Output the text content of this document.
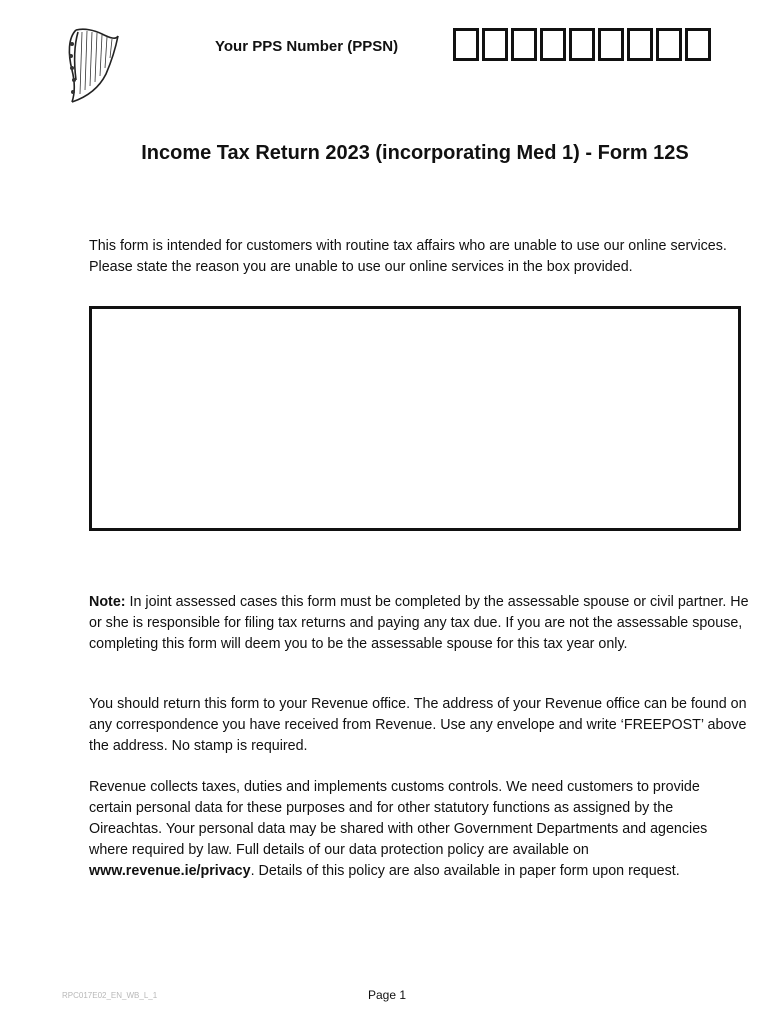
Your PPS Number (PPSN)
Income Tax Return 2023 (incorporating Med 1) - Form 12S
This form is intended for customers with routine tax affairs who are unable to use our online services. Please state the reason you are unable to use our online services in the box provided.
Note: In joint assessed cases this form must be completed by the assessable spouse or civil partner. He or she is responsible for filing tax returns and paying any tax due. If you are not the assessable spouse, completing this form will deem you to be the assessable spouse for this tax year only.
You should return this form to your Revenue office. The address of your Revenue office can be found on any correspondence you have received from Revenue. Use any envelope and write ‘FREEPOST’ above the address. No stamp is required.
Revenue collects taxes, duties and implements customs controls. We need customers to provide certain personal data for these purposes and for other statutory functions as assigned by the Oireachtas. Your personal data may be shared with other Government Departments and agencies where required by law. Full details of our data protection policy are available on www.revenue.ie/privacy. Details of this policy are also available in paper form upon request.
RPC017E02_EN_WB_L_1	Page 1
